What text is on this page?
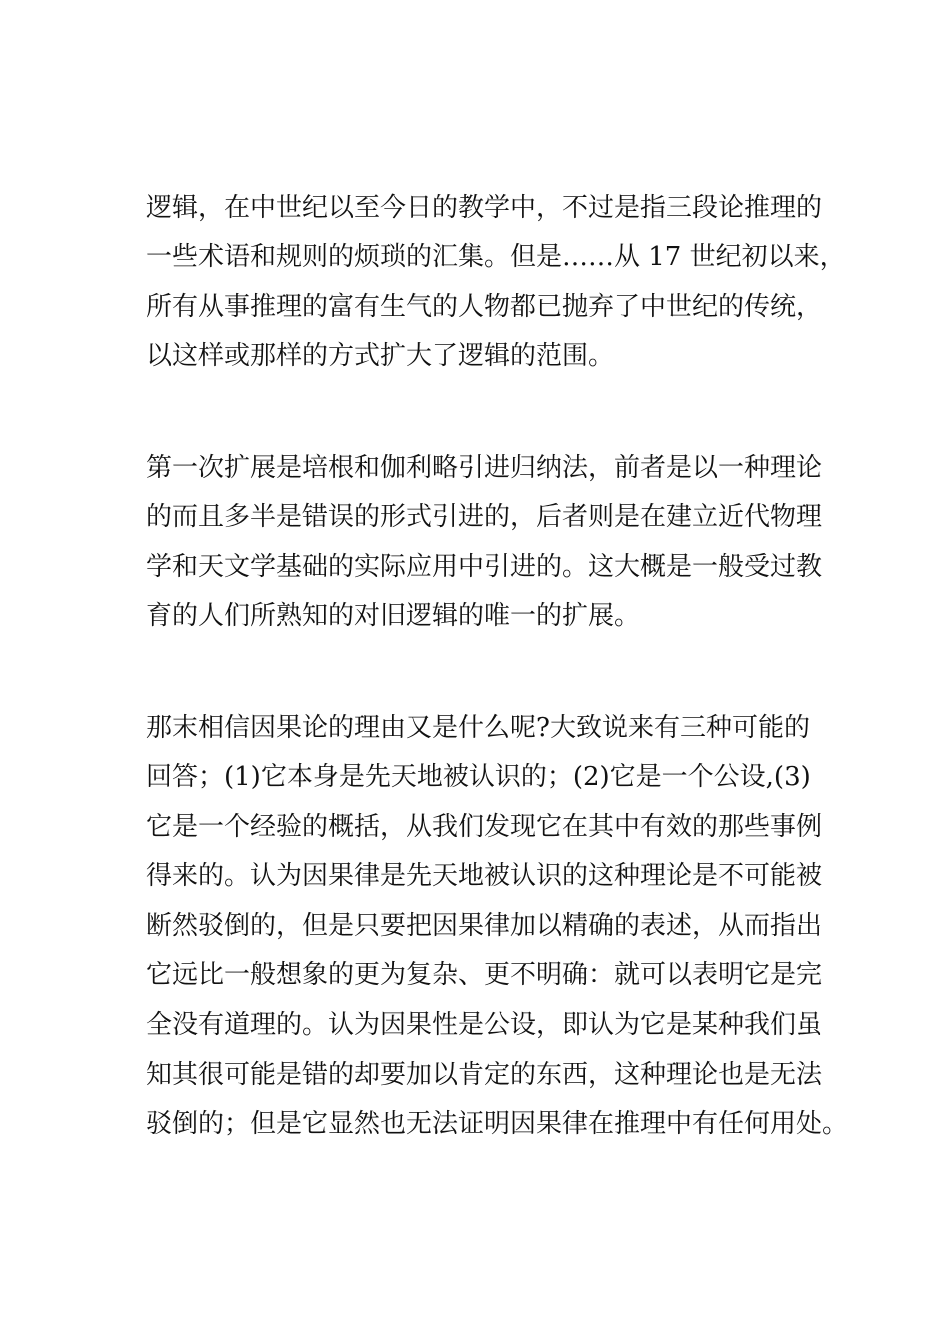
逻辑，在中世纪以至今日的教学中，不过是指三段论推理的

一些术语和规则的烦琐的汇集。但是……从 17 世纪初以来，

所有从事推理的富有生气的人物都已抛弃了中世纪的传统，

以这样或那样的方式扩大了逻辑的范围。

第一次扩展是培根和伽利略引进归纳法，前者是以一种理论

的而且多半是错误的形式引进的，后者则是在建立近代物理

学和天文学基础的实际应用中引进的。这大概是一般受过教

育的人们所熟知的对旧逻辑的唯一的扩展。

那末相信因果论的理由又是什么呢?大致说来有三种可能的

回答；(1)它本身是先天地被认识的；(2)它是一个公设,(3)

它是一个经验的概括，从我们发现它在其中有效的那些事例

得来的。认为因果律是先天地被认识的这种理论是不可能被

断然驳倒的，但是只要把因果律加以精确的表述，从而指出

它远比一般想象的更为复杂、更不明确：就可以表明它是完

全没有道理的。认为因果性是公设，即认为它是某种我们虽

知其很可能是错的却要加以肯定的东西，这种理论也是无法

驳倒的；但是它显然也无法证明因果律在推理中有任何用处。
